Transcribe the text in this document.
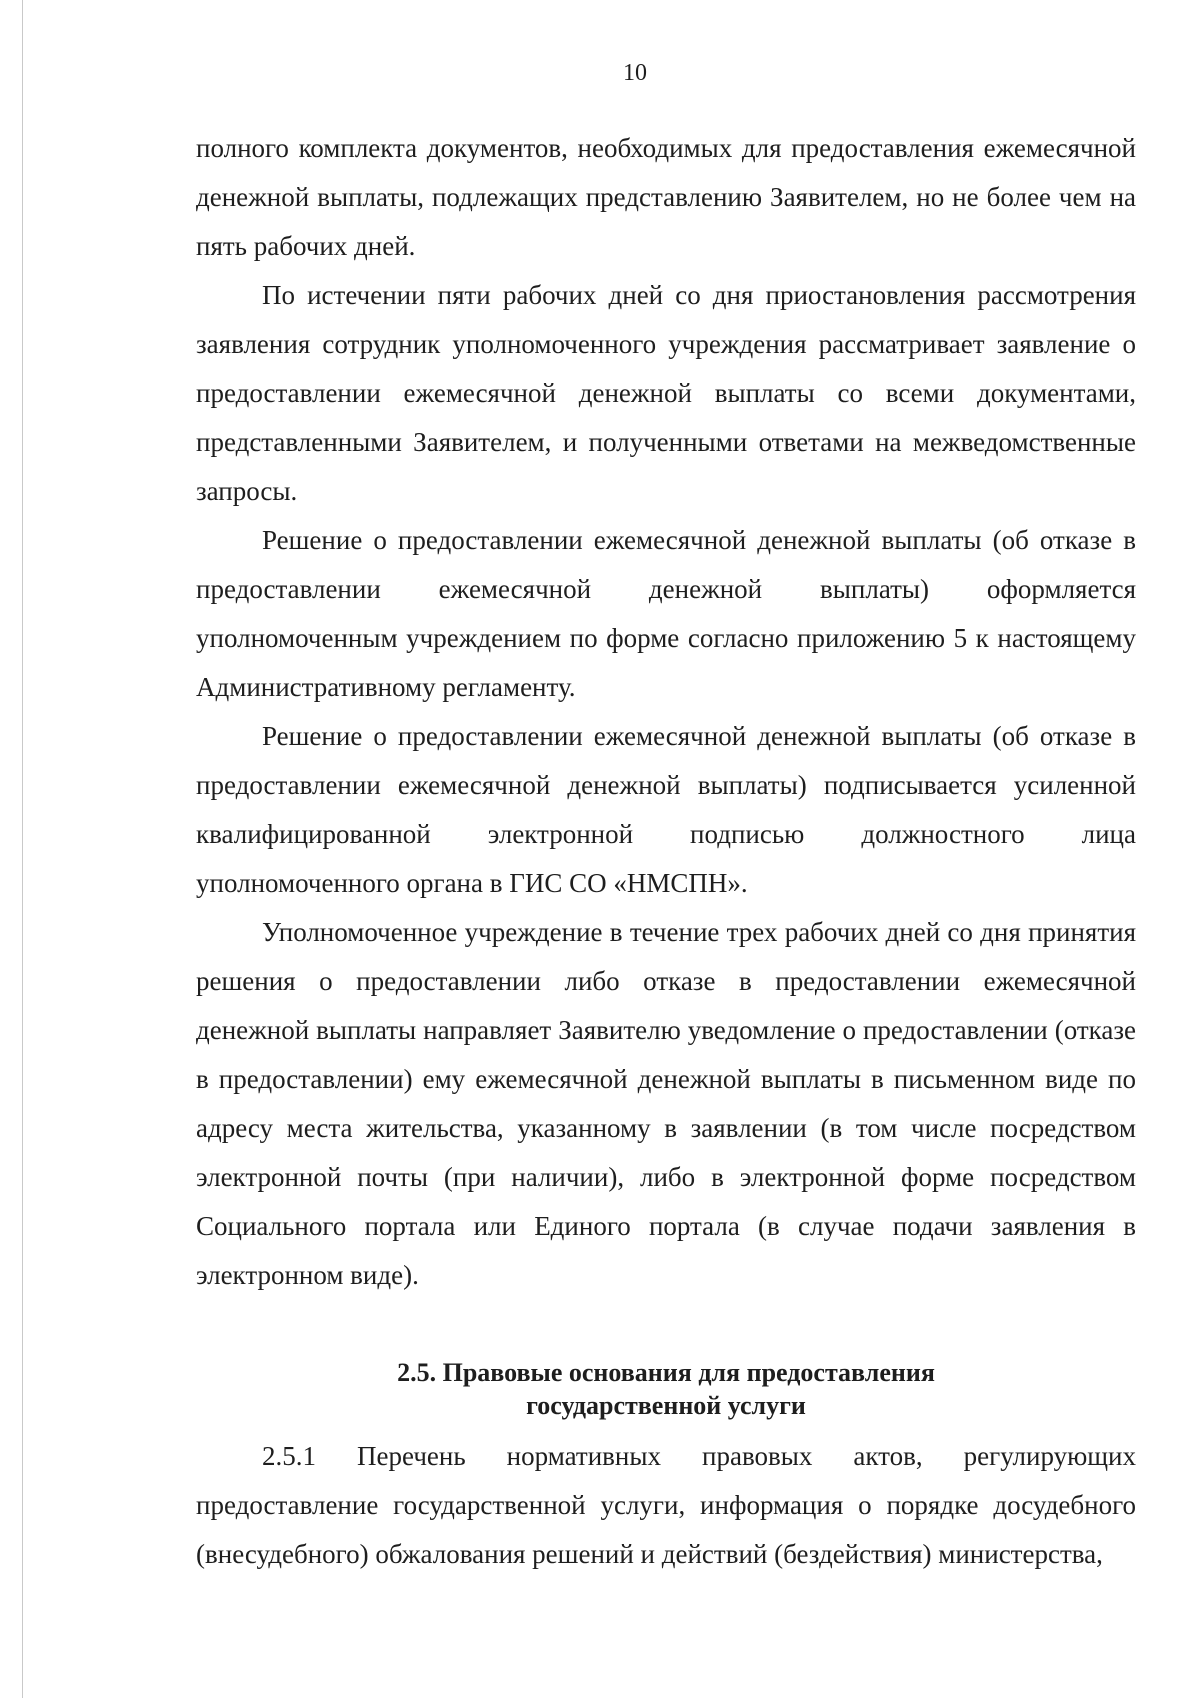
10

полного комплекта документов, необходимых для предоставления ежемесячной денежной выплаты, подлежащих представлению Заявителем, но не более чем на пять рабочих дней.

По истечении пяти рабочих дней со дня приостановления рассмотрения заявления сотрудник уполномоченного учреждения рассматривает заявление о предоставлении ежемесячной денежной выплаты со всеми документами, представленными Заявителем, и полученными ответами на межведомственные запросы.

Решение о предоставлении ежемесячной денежной выплаты (об отказе в предоставлении ежемесячной денежной выплаты) оформляется уполномоченным учреждением по форме согласно приложению 5 к настоящему Административному регламенту.

Решение о предоставлении ежемесячной денежной выплаты (об отказе в предоставлении ежемесячной денежной выплаты) подписывается усиленной квалифицированной электронной подписью должностного лица уполномоченного органа в ГИС СО «НМСПН».

Уполномоченное учреждение в течение трех рабочих дней со дня принятия решения о предоставлении либо отказе в предоставлении ежемесячной денежной выплаты направляет Заявителю уведомление о предоставлении (отказе в предоставлении) ему ежемесячной денежной выплаты в письменном виде по адресу места жительства, указанному в заявлении (в том числе посредством электронной почты (при наличии), либо в электронной форме посредством Социального портала или Единого портала (в случае подачи заявления в электронном виде).

2.5. Правовые основания для предоставления
государственной услуги

2.5.1 Перечень нормативных правовых актов, регулирующих предоставление государственной услуги, информация о порядке досудебного (внесудебного) обжалования решений и действий (бездействия) министерства,
